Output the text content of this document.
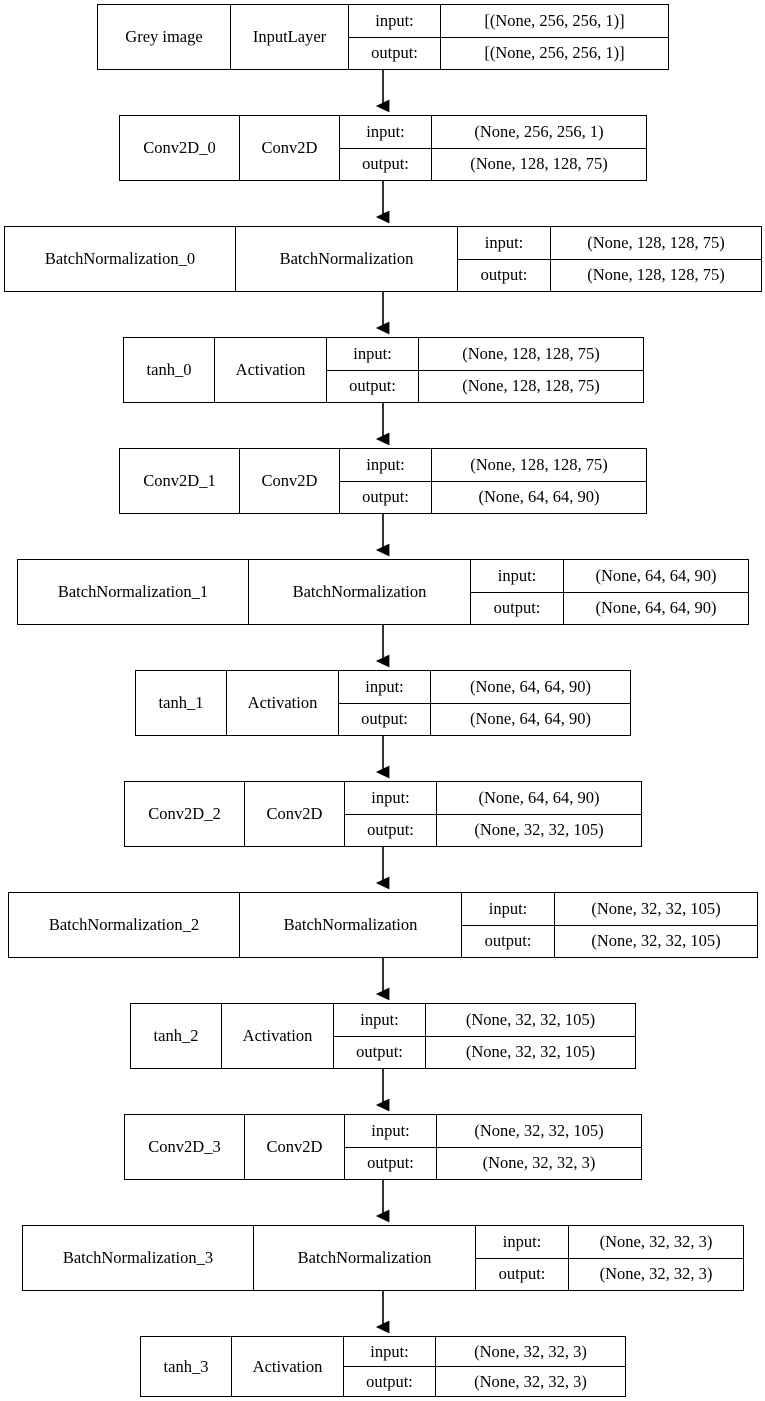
Grey image	InputLayer
input:	[(None, 256, 256, 1)]
output:	[(None, 256, 256, 1)]
Conv2D_0	Conv2D
input:	(None, 256, 256, 1)
output:	(None, 128, 128, 75)
BatchNormalization_0	BatchNormalization
input:	(None, 128, 128, 75)
output:	(None, 128, 128, 75)
tanh_0	Activation
input:	(None, 128, 128, 75)
output:	(None, 128, 128, 75)
Conv2D_1	Conv2D
input:	(None, 128, 128, 75)
output:	(None, 64, 64, 90)
BatchNormalization_1	BatchNormalization
input:	(None, 64, 64, 90)
output:	(None, 64, 64, 90)
tanh_1	Activation
input:	(None, 64, 64, 90)
output:	(None, 64, 64, 90)
Conv2D_2	Conv2D
input:	(None, 64, 64, 90)
output:	(None, 32, 32, 105)
BatchNormalization_2	BatchNormalization
input:	(None, 32, 32, 105)
output:	(None, 32, 32, 105)
tanh_2	Activation
input:	(None, 32, 32, 105)
output:	(None, 32, 32, 105)
Conv2D_3	Conv2D
input:	(None, 32, 32, 105)
output:	(None, 32, 32, 3)
BatchNormalization_3	BatchNormalization
input:	(None, 32, 32, 3)
output:	(None, 32, 32, 3)
tanh_3	Activation
input:	(None, 32, 32, 3)
output:	(None, 32, 32, 3)
